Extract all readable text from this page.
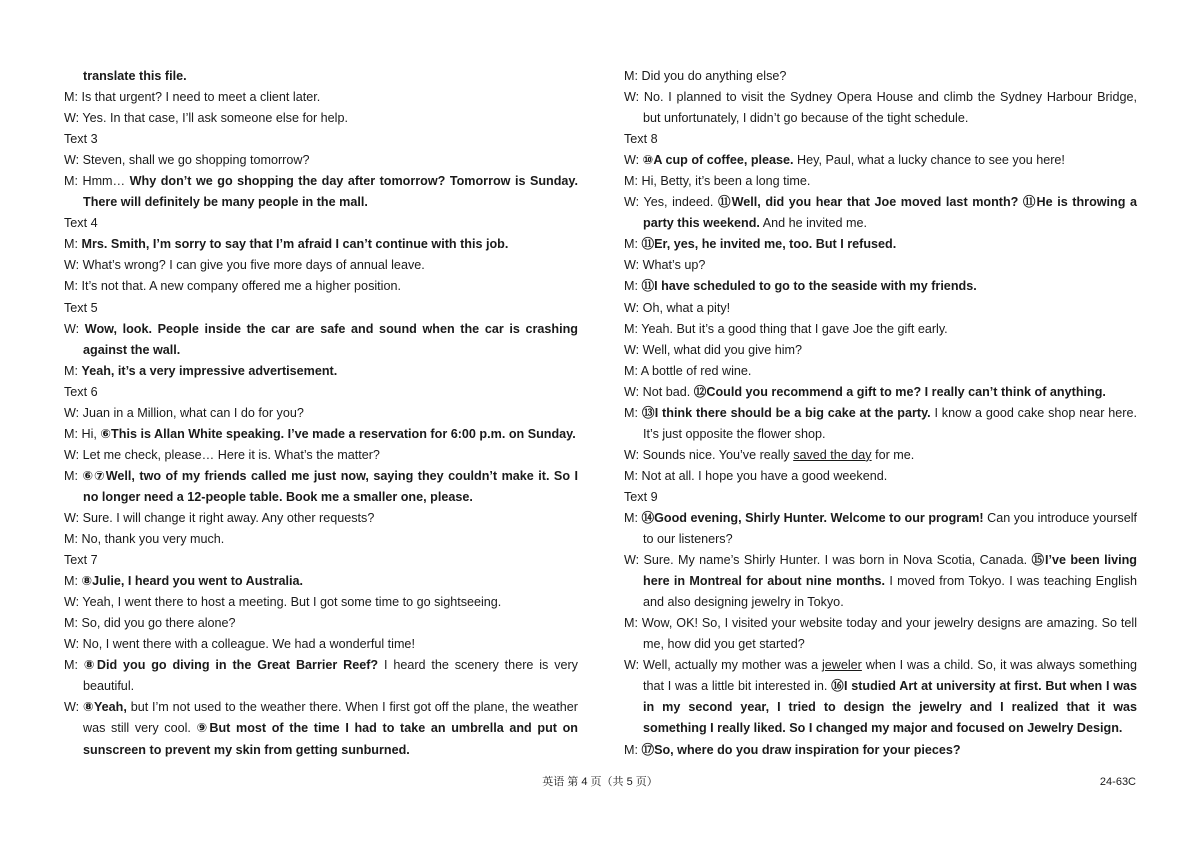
translate this file.

M: Is that urgent? I need to meet a client later.

W: Yes. In that case, I’ll ask someone else for help.

Text 3

W: Steven, shall we go shopping tomorrow?

M: Hmm… Why don’t we go shopping the day after tomorrow? Tomorrow is Sunday. There will definitely be many people in the mall.

Text 4

M: Mrs. Smith, I’m sorry to say that I’m afraid I can’t continue with this job.

W: What’s wrong? I can give you five more days of annual leave.

M: It’s not that. A new company offered me a higher position.

Text 5

W: Wow, look. People inside the car are safe and sound when the car is crashing against the wall.

M: Yeah, it’s a very impressive advertisement.

Text 6

W: Juan in a Million, what can I do for you?

M: Hi, ⑥This is Allan White speaking. I’ve made a reservation for 6:00 p.m. on Sunday.

W: Let me check, please… Here it is. What’s the matter?

M: ⑥⑦Well, two of my friends called me just now, saying they couldn’t make it. So I no longer need a 12-people table. Book me a smaller one, please.

W: Sure. I will change it right away. Any other requests?

M: No, thank you very much.

Text 7

M: ⑧Julie, I heard you went to Australia.

W: Yeah, I went there to host a meeting. But I got some time to go sightseeing.

M: So, did you go there alone?

W: No, I went there with a colleague. We had a wonderful time!

M: ⑧Did you go diving in the Great Barrier Reef? I heard the scenery there is very beautiful.

W: ⑧Yeah, but I’m not used to the weather there. When I first got off the plane, the weather was still very cool. ⑨But most of the time I had to take an umbrella and put on sunscreen to prevent my skin from getting sunburned.

M: Did you do anything else?

W: No. I planned to visit the Sydney Opera House and climb the Sydney Harbour Bridge, but unfortunately, I didn’t go because of the tight schedule.

Text 8

W: ⑩A cup of coffee, please. Hey, Paul, what a lucky chance to see you here!

M: Hi, Betty, it’s been a long time.

W: Yes, indeed. ⑪Well, did you hear that Joe moved last month? ⑪He is throwing a party this weekend. And he invited me.

M: ⑪Er, yes, he invited me, too. But I refused.

W: What’s up?

M: ⑪I have scheduled to go to the seaside with my friends.

W: Oh, what a pity!

M: Yeah. But it’s a good thing that I gave Joe the gift early.

W: Well, what did you give him?

M: A bottle of red wine.

W: Not bad. ⑫Could you recommend a gift to me? I really can’t think of anything.

M: ⑬I think there should be a big cake at the party. I know a good cake shop near here. It’s just opposite the flower shop.

W: Sounds nice. You’ve really saved the day for me.

M: Not at all. I hope you have a good weekend.

Text 9

M: ⑭Good evening, Shirly Hunter. Welcome to our program! Can you introduce yourself to our listeners?

W: Sure. My name’s Shirly Hunter. I was born in Nova Scotia, Canada. ⑮I’ve been living here in Montreal for about nine months. I moved from Tokyo. I was teaching English and also designing jewelry in Tokyo.

M: Wow, OK! So, I visited your website today and your jewelry designs are amazing. So tell me, how did you get started?

W: Well, actually my mother was a jeweler when I was a child. So, it was always something that I was a little bit interested in. ⑯I studied Art at university at first. But when I was in my second year, I tried to design the jewelry and I realized that it was something I really liked. So I changed my major and focused on Jewelry Design.

M: ⑰So, where do you draw inspiration for your pieces?

英语 第 4 页（共 5 页）	24-63C
